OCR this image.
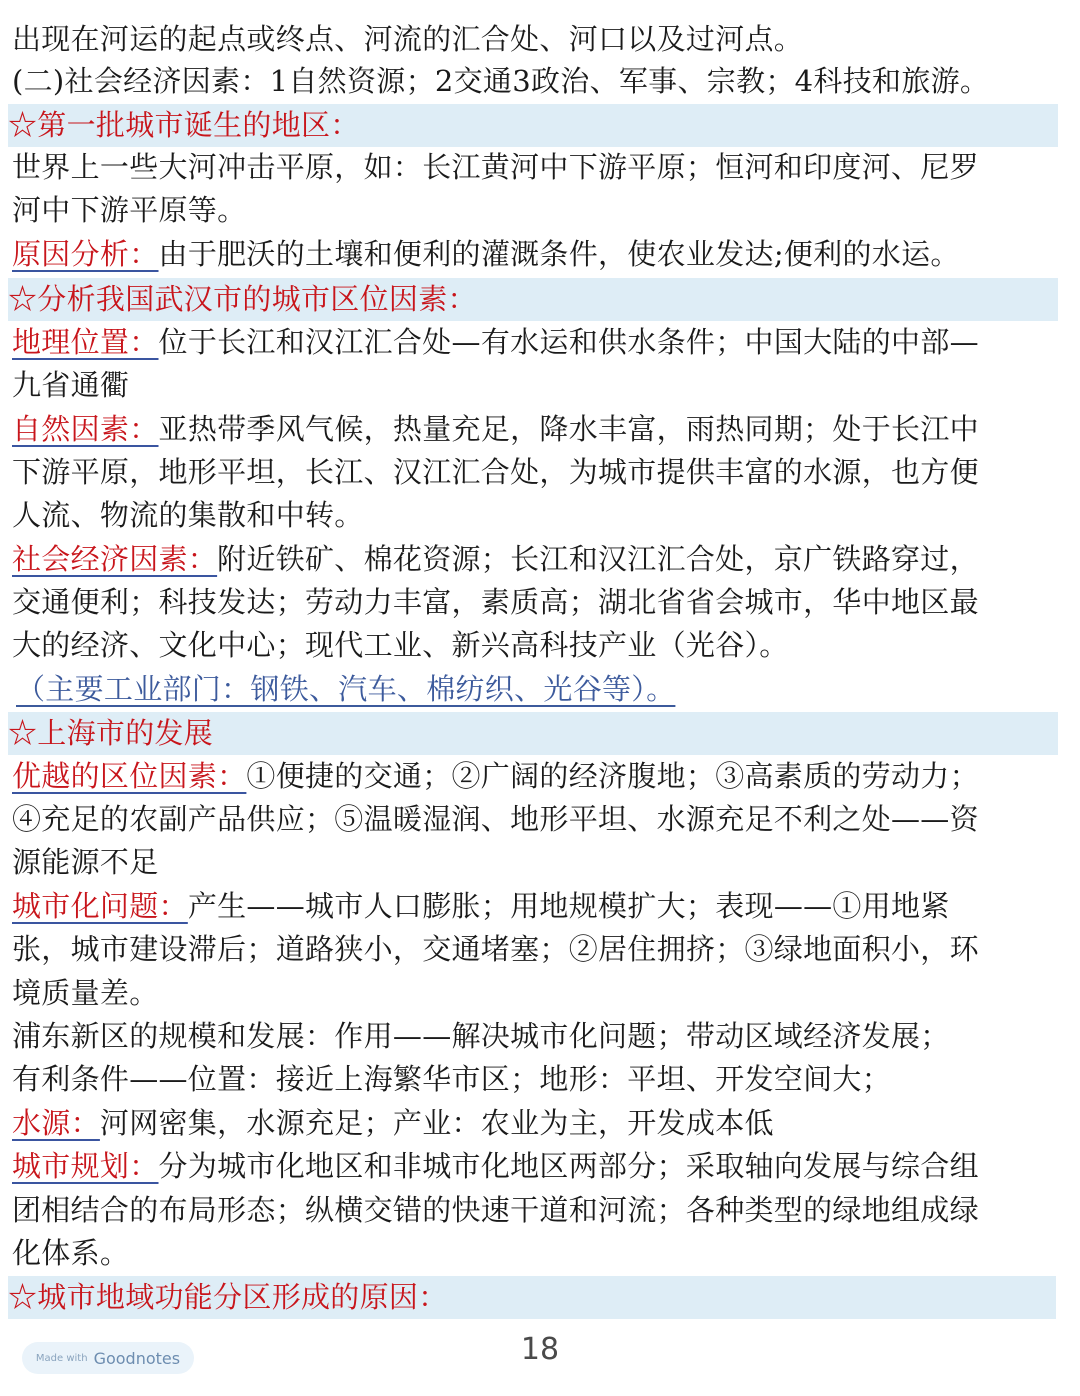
出现在河运的起点或终点、河流的汇合处、河口以及过河点。
(二)社会经济因素：1自然资源；2交通3政治、军事、宗教；4科技和旅游。
☆第一批城市诞生的地区：
世界上一些大河冲击平原，如：长江黄河中下游平原；恒河和印度河、尼罗
河中下游平原等。
原因分析：由于肥沃的土壤和便利的灌溉条件，使农业发达;便利的水运。
☆分析我国武汉市的城市区位因素：
地理位置：位于长江和汉江汇合处—有水运和供水条件；中国大陆的中部—
九省通衢
自然因素：亚热带季风气候，热量充足，降水丰富，雨热同期；处于长江中
下游平原，地形平坦，长江、汉江汇合处，为城市提供丰富的水源，也方便
人流、物流的集散和中转。
社会经济因素：附近铁矿、棉花资源；长江和汉江汇合处，京广铁路穿过，
交通便利；科技发达；劳动力丰富，素质高；湖北省省会城市，华中地区最
大的经济、文化中心；现代工业、新兴高科技产业（光谷）。
（主要工业部门：钢铁、汽车、棉纺织、光谷等）。
☆上海市的发展
优越的区位因素：①便捷的交通；②广阔的经济腹地；③高素质的劳动力；
④充足的农副产品供应；⑤温暖湿润、地形平坦、水源充足不利之处——资
源能源不足
城市化问题：产生——城市人口膨胀；用地规模扩大；表现——①用地紧
张，城市建设滞后；道路狭小，交通堵塞；②居住拥挤；③绿地面积小，环
境质量差。
浦东新区的规模和发展：作用——解决城市化问题；带动区域经济发展；
有利条件——位置：接近上海繁华市区；地形：平坦、开发空间大；
水源：河网密集，水源充足；产业：农业为主，开发成本低
城市规划：分为城市化地区和非城市化地区两部分；采取轴向发展与综合组
团相结合的布局形态；纵横交错的快速干道和河流；各种类型的绿地组成绿
化体系。
☆城市地域功能分区形成的原因：
Made with Goodnotes	18
